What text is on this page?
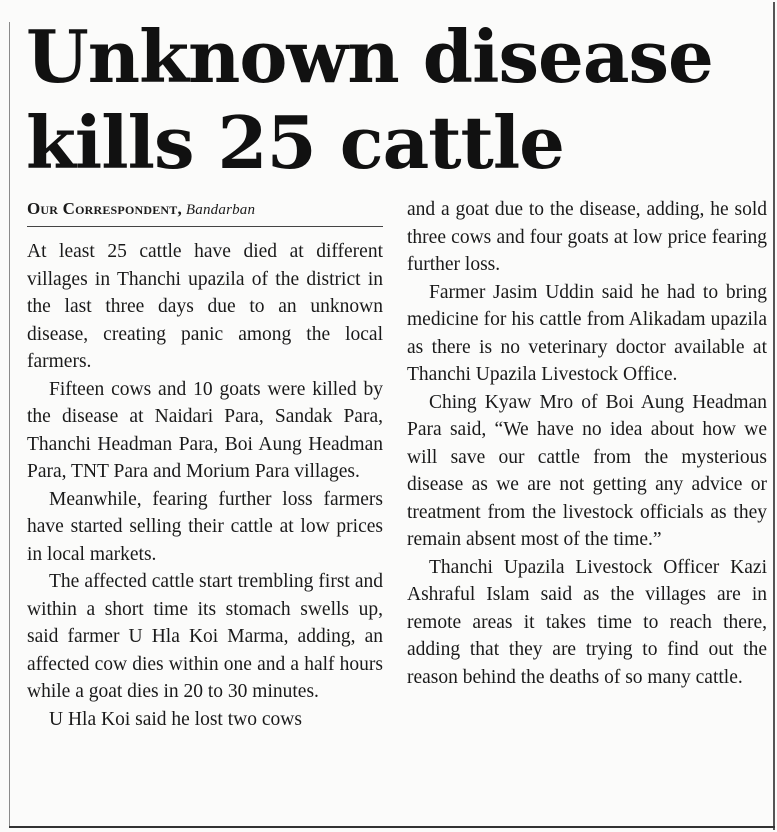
Unknown disease
kills 25 cattle
Our Correspondent, Bandarban

At least 25 cattle have died at different villages in Thanchi upazila of the district in the last three days due to an unknown disease, creating panic among the local farmers.

Fifteen cows and 10 goats were killed by the disease at Naidari Para, Sandak Para, Thanchi Headman Para, Boi Aung Headman Para, TNT Para and Morium Para villages.

Meanwhile, fearing further loss farmers have started selling their cattle at low prices in local markets.

The affected cattle start trembling first and within a short time its stomach swells up, said farmer U Hla Koi Marma, adding, an affected cow dies within one and a half hours while a goat dies in 20 to 30 minutes.

U Hla Koi said he lost two cows

and a goat due to the disease, adding, he sold three cows and four goats at low price fearing further loss.

Farmer Jasim Uddin said he had to bring medicine for his cattle from Alikadam upazila as there is no veterinary doctor available at Thanchi Upazila Livestock Office.

Ching Kyaw Mro of Boi Aung Headman Para said, “We have no idea about how we will save our cattle from the mysterious disease as we are not getting any advice or treatment from the livestock officials as they remain absent most of the time.”

Thanchi Upazila Livestock Officer Kazi Ashraful Islam said as the villages are in remote areas it takes time to reach there, adding that they are trying to find out the reason behind the deaths of so many cattle.
